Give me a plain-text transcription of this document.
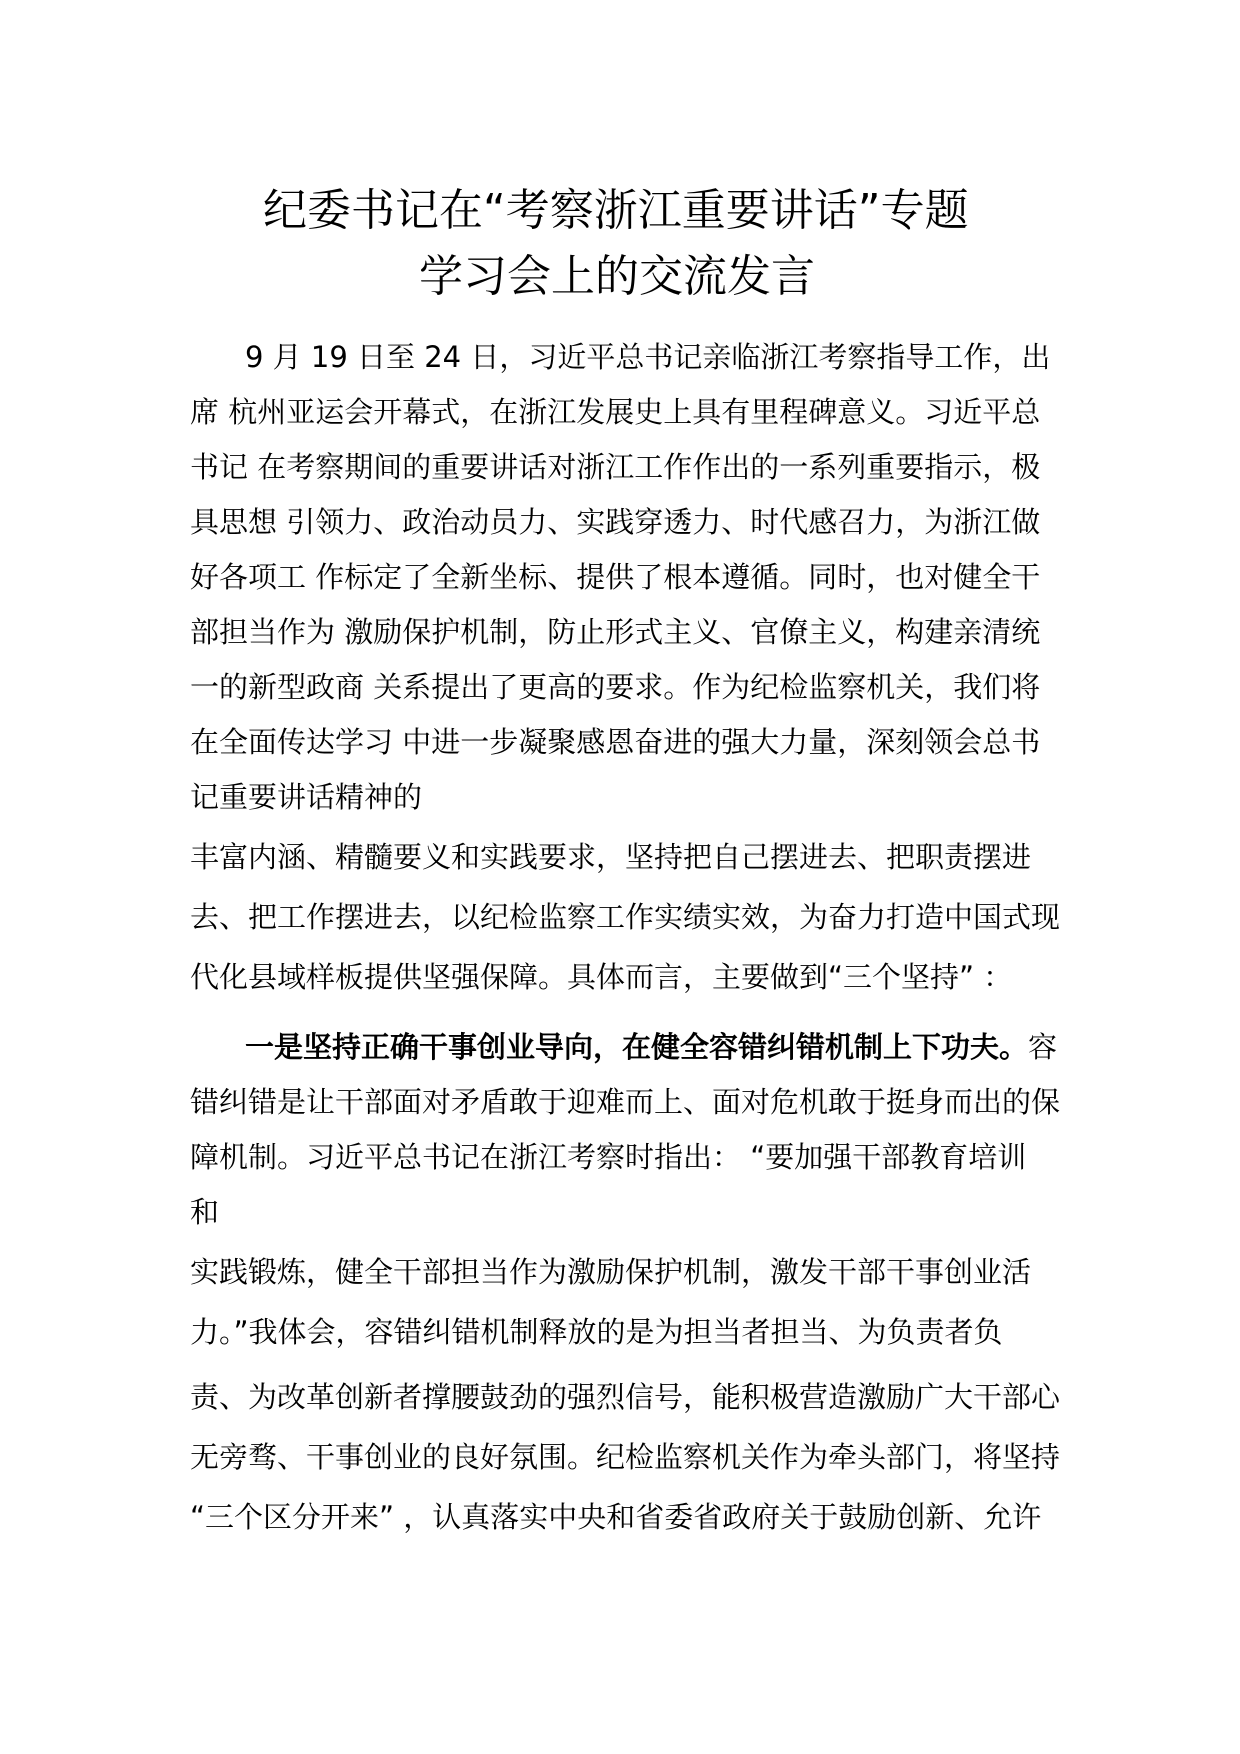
纪委书记在“考察浙江重要讲话”专题
学习会上的交流发言
9 月 19 日至 24 日，习近平总书记亲临浙江考察指导工作，出
席 杭州亚运会开幕式，在浙江发展史上具有里程碑意义。习近平总
书记 在考察期间的重要讲话对浙江工作作出的一系列重要指示，极
具思想 引领力、政治动员力、实践穿透力、时代感召力，为浙江做
好各项工 作标定了全新坐标、提供了根本遵循。同时，也对健全干
部担当作为 激励保护机制，防止形式主义、官僚主义，构建亲清统
一的新型政商 关系提出了更高的要求。作为纪检监察机关，我们将
在全面传达学习 中进一步凝聚感恩奋进的强大力量，深刻领会总书
记重要讲话精神的
丰富内涵、精髓要义和实践要求，坚持把自己摆进去、把职责摆进
去、把工作摆进去，以纪检监察工作实绩实效，为奋力打造中国式现
代化县域样板提供坚强保障。具体而言，主要做到“三个坚持” ：
一是坚持正确干事创业导向，在健全容错纠错机制上下功夫。容
错纠错是让干部面对矛盾敢于迎难而上、面对危机敢于挺身而出的保
障机制。习近平总书记在浙江考察时指出： “要加强干部教育培训
和
实践锻炼，健全干部担当作为激励保护机制，激发干部干事创业活
力。”我体会，容错纠错机制释放的是为担当者担当、为负责者负
责、为改革创新者撑腰鼓劲的强烈信号，能积极营造激励广大干部心
无旁骛、干事创业的良好氛围。纪检监察机关作为牵头部门，将坚持
“三个区分开来” ，认真落实中央和省委省政府关于鼓励创新、允许
